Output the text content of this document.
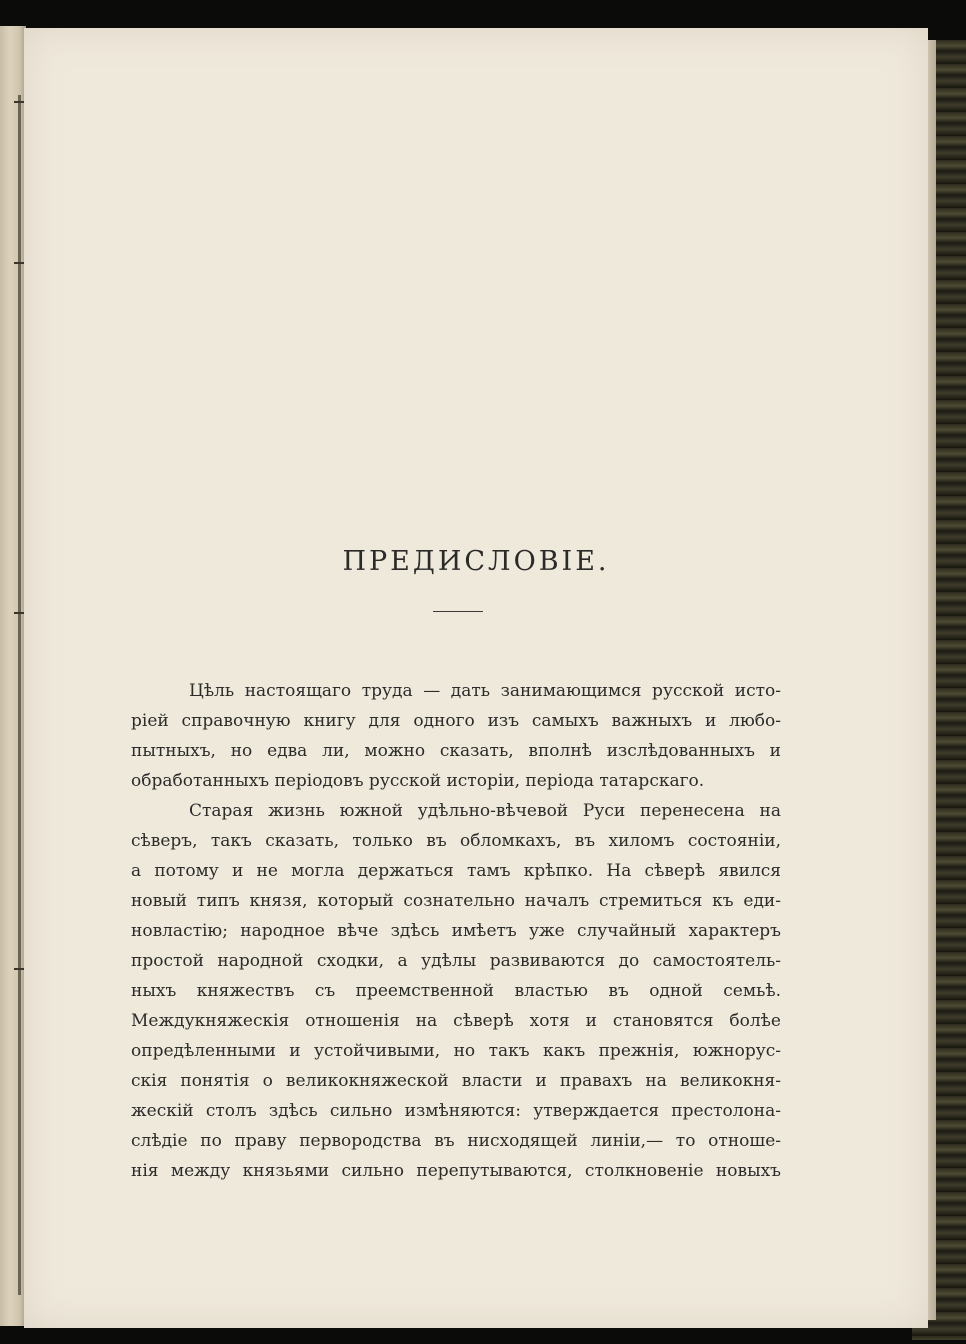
ПРЕДИСЛОВІЕ.
Цѣль настоящаго труда — дать занимающимся русской исто-
ріей справочную книгу для одного изъ самыхъ важныхъ и любо-
пытныхъ, но едва ли, можно сказать, вполнѣ изслѣдованныхъ и
обработанныхъ періодовъ русской исторіи, періода татарскаго.
Старая жизнь южной удѣльно-вѣчевой Руси перенесена на
сѣверъ, такъ сказать, только въ обломкахъ, въ хиломъ состояніи,
а потому и не могла держаться тамъ крѣпко. На сѣверѣ явился
новый типъ князя, который сознательно началъ стремиться къ еди-
новластію; народное вѣче здѣсь имѣетъ уже случайный характеръ
простой народной сходки, а удѣлы развиваются до самостоятель-
ныхъ княжествъ съ преемственной властью въ одной семьѣ.
Междукняжескія отношенія на сѣверѣ хотя и становятся болѣе
опредѣленными и устойчивыми, но такъ какъ прежнія, южнорус-
скія понятія о великокняжеской власти и правахъ на великокня-
жескій столъ здѣсь сильно измѣняются: утверждается престолона-
слѣдіе по праву первородства въ нисходящей линіи,— то отноше-
нія между князьями сильно перепутываются, столкновеніе новыхъ
